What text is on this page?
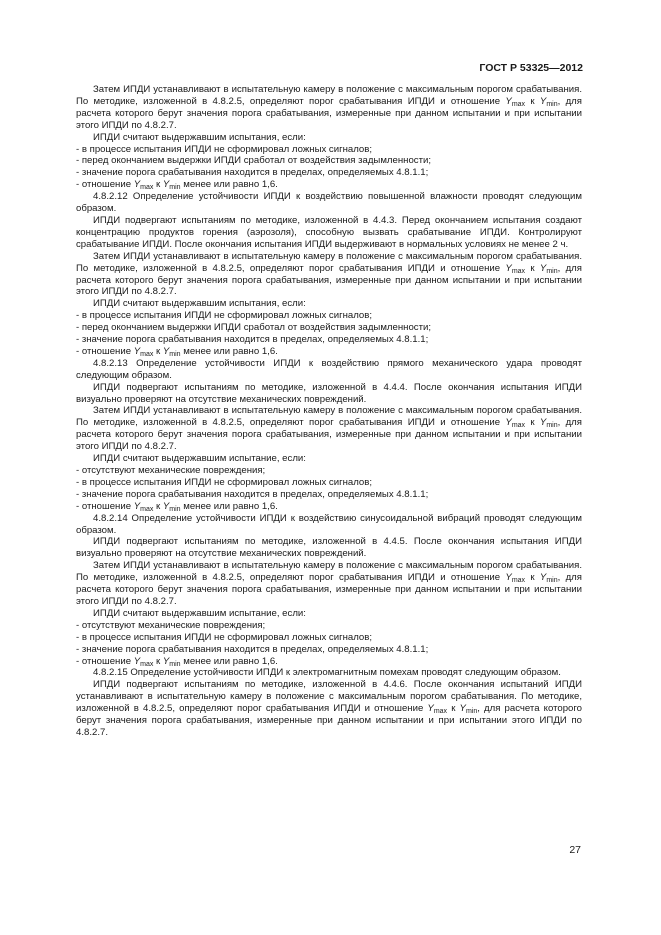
ГОСТ Р 53325—2012

Затем ИПДИ устанавливают в испытательную камеру в положение с максимальным порогом срабатывания. По методике, изложенной в 4.8.2.5, определяют порог срабатывания ИПДИ и отношение $Y_{max}$ к $Y_{min}$, для расчета которого берут значения порога срабатывания, измеренные при данном испытании и при испытании этого ИПДИ по 4.8.2.7.

ИПДИ считают выдержавшим испытания, если:

- в процессе испытания ИПДИ не сформировал ложных сигналов;

- перед окончанием выдержки ИПДИ сработал от воздействия задымленности;

- значение порога срабатывания находится в пределах, определяемых 4.8.1.1;

- отношение $Y_{max}$ к $Y_{min}$ менее или равно 1,6.

4.8.2.12 Определение устойчивости ИПДИ к воздействию повышенной влажности проводят следующим образом.

ИПДИ подвергают испытаниям по методике, изложенной в 4.4.3. Перед окончанием испытания создают концентрацию продуктов горения (аэрозоля), способную вызвать срабатывание ИПДИ. Контролируют срабатывание ИПДИ. После окончания испытания ИПДИ выдерживают в нормальных условиях не менее 2 ч.

Затем ИПДИ устанавливают в испытательную камеру в положение с максимальным порогом срабатывания. По методике, изложенной в 4.8.2.5, определяют порог срабатывания ИПДИ и отношение $Y_{max}$ к $Y_{min}$, для расчета которого берут значения порога срабатывания, измеренные при данном испытании и при испытании этого ИПДИ по 4.8.2.7.

ИПДИ считают выдержавшим испытания, если:

- в процессе испытания ИПДИ не сформировал ложных сигналов;

- перед окончанием выдержки ИПДИ сработал от воздействия задымленности;

- значение порога срабатывания находится в пределах, определяемых 4.8.1.1;

- отношение $Y_{max}$ к $Y_{min}$ менее или равно 1,6.

4.8.2.13 Определение устойчивости ИПДИ к воздействию прямого механического удара проводят следующим образом.

ИПДИ подвергают испытаниям по методике, изложенной в 4.4.4. После окончания испытания ИПДИ визуально проверяют на отсутствие механических повреждений.

Затем ИПДИ устанавливают в испытательную камеру в положение с максимальным порогом срабатывания. По методике, изложенной в 4.8.2.5, определяют порог срабатывания ИПДИ и отношение $Y_{max}$ к $Y_{min}$, для расчета которого берут значения порога срабатывания, измеренные при данном испытании и при испытании этого ИПДИ по 4.8.2.7.

ИПДИ считают выдержавшим испытание, если:

- отсутствуют механические повреждения;

- в процессе испытания ИПДИ не сформировал ложных сигналов;

- значение порога срабатывания находится в пределах, определяемых 4.8.1.1;

- отношение $Y_{max}$ к $Y_{min}$ менее или равно 1,6.

4.8.2.14 Определение устойчивости ИПДИ к воздействию синусоидальной вибраций проводят следующим образом.

ИПДИ подвергают испытаниям по методике, изложенной в 4.4.5. После окончания испытания ИПДИ визуально проверяют на отсутствие механических повреждений.

Затем ИПДИ устанавливают в испытательную камеру в положение с максимальным порогом срабатывания. По методике, изложенной в 4.8.2.5, определяют порог срабатывания ИПДИ и отношение $Y_{max}$ к $Y_{min}$, для расчета которого берут значения порога срабатывания, измеренные при данном испытании и при испытании этого ИПДИ по 4.8.2.7.

ИПДИ считают выдержавшим испытание, если:

- отсутствуют механические повреждения;

- в процессе испытания ИПДИ не сформировал ложных сигналов;

- значение порога срабатывания находится в пределах, определяемых 4.8.1.1;

- отношение $Y_{max}$ к $Y_{min}$ менее или равно 1,6.

4.8.2.15 Определение устойчивости ИПДИ к электромагнитным помехам проводят следующим образом.

ИПДИ подвергают испытаниям по методике, изложенной в 4.4.6. После окончания испытаний ИПДИ устанавливают в испытательную камеру в положение с максимальным порогом срабатывания. По методике, изложенной в 4.8.2.5, определяют порог срабатывания ИПДИ и отношение $Y_{max}$ к $Y_{min}$, для расчета которого берут значения порога срабатывания, измеренные при данном испытании и при испытании этого ИПДИ по 4.8.2.7.

27
